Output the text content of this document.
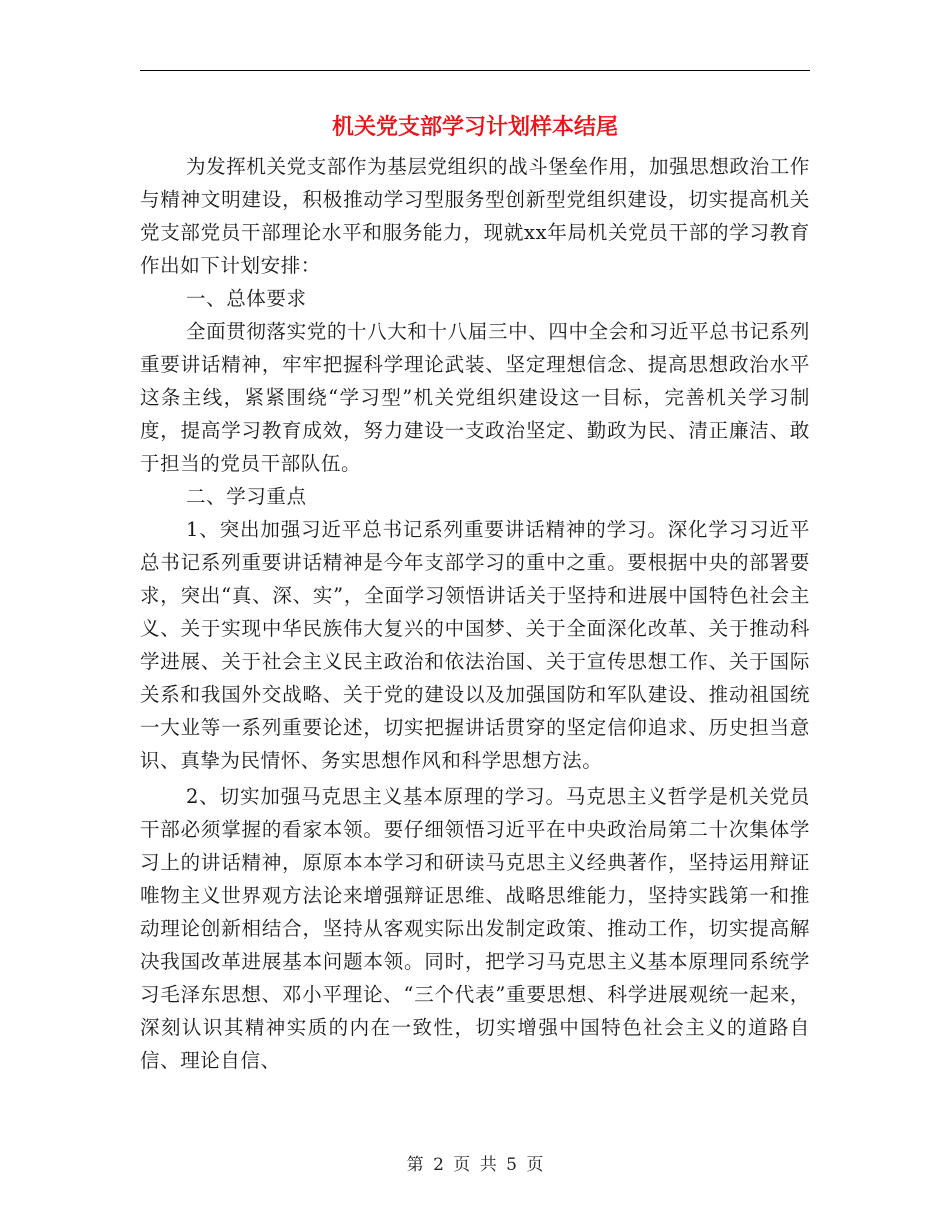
机关党支部学习计划样本结尾

为发挥机关党支部作为基层党组织的战斗堡垒作用，加强思想政治工作与精神文明建设，积极推动学习型服务型创新型党组织建设，切实提高机关党支部党员干部理论水平和服务能力，现就xx年局机关党员干部的学习教育作出如下计划安排：

一、总体要求

全面贯彻落实党的十八大和十八届三中、四中全会和习近平总书记系列重要讲话精神，牢牢把握科学理论武装、坚定理想信念、提高思想政治水平这条主线，紧紧围绕“学习型”机关党组织建设这一目标，完善机关学习制度，提高学习教育成效，努力建设一支政治坚定、勤政为民、清正廉洁、敢于担当的党员干部队伍。

二、学习重点

1、突出加强习近平总书记系列重要讲话精神的学习。深化学习习近平总书记系列重要讲话精神是今年支部学习的重中之重。要根据中央的部署要求，突出“真、深、实”，全面学习领悟讲话关于坚持和进展中国特色社会主义、关于实现中华民族伟大复兴的中国梦、关于全面深化改革、关于推动科学进展、关于社会主义民主政治和依法治国、关于宣传思想工作、关于国际关系和我国外交战略、关于党的建设以及加强国防和军队建设、推动祖国统一大业等一系列重要论述，切实把握讲话贯穿的坚定信仰追求、历史担当意识、真挚为民情怀、务实思想作风和科学思想方法。

2、切实加强马克思主义基本原理的学习。马克思主义哲学是机关党员干部必须掌握的看家本领。要仔细领悟习近平在中央政治局第二十次集体学习上的讲话精神，原原本本学习和研读马克思主义经典著作，坚持运用辩证唯物主义世界观方法论来增强辩证思维、战略思维能力，坚持实践第一和推动理论创新相结合，坚持从客观实际出发制定政策、推动工作，切实提高解决我国改革进展基本问题本领。同时，把学习马克思主义基本原理同系统学习毛泽东思想、邓小平理论、“三个代表”重要思想、科学进展观统一起来，深刻认识其精神实质的内在一致性，切实增强中国特色社会主义的道路自信、理论自信、

第 2 页 共 5 页
